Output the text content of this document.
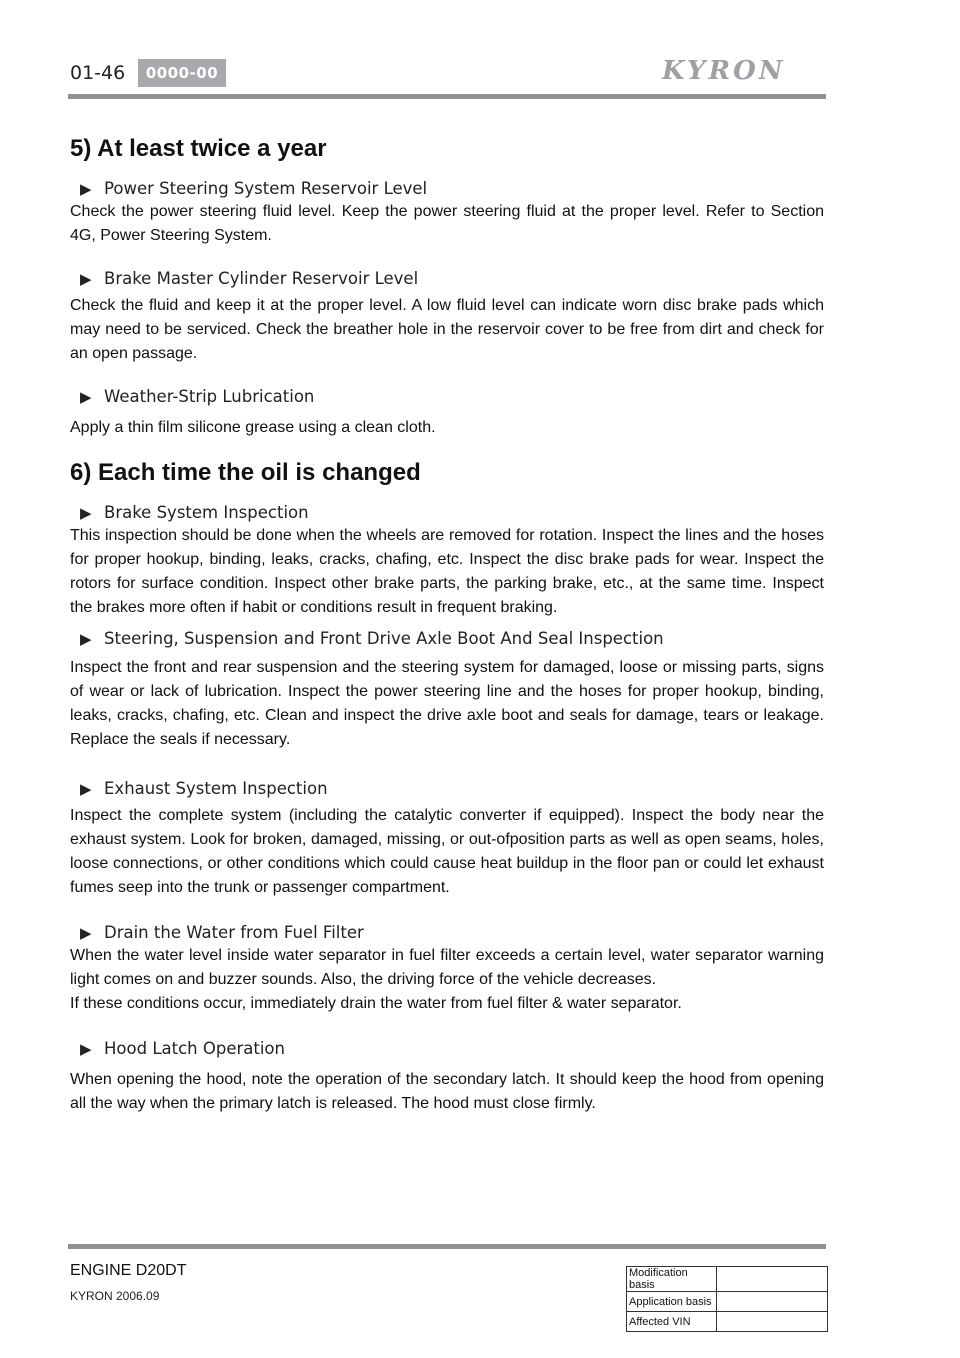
01-46	0000-00	KYRON
5) At least twice a year

▶ Power Steering System Reservoir Level

Check the power steering fluid level. Keep the power steering fluid at the proper level. Refer to Section 4G, Power Steering System.

▶ Brake Master Cylinder Reservoir Level

Check the fluid and keep it at the proper level. A low fluid level can indicate worn disc brake pads which may need to be serviced. Check the breather hole in the reservoir cover to be free from dirt and check for an open passage.

▶ Weather-Strip Lubrication

Apply a thin film silicone grease using a clean cloth.

6) Each time the oil is changed

▶ Brake System Inspection

This inspection should be done when the wheels are removed for rotation. Inspect the lines and the hoses for proper hookup, binding, leaks, cracks, chafing, etc. Inspect the disc brake pads for wear. Inspect the rotors for surface condition. Inspect other brake parts, the parking brake, etc., at the same time. Inspect the brakes more often if habit or conditions result in frequent braking.

▶ Steering, Suspension and Front Drive Axle Boot And Seal Inspection

Inspect the front and rear suspension and the steering system for damaged, loose or missing parts, signs of wear or lack of lubrication. Inspect the power steering line and the hoses for proper hookup, binding, leaks, cracks, chafing, etc. Clean and inspect the drive axle boot and seals for damage, tears or leakage. Replace the seals if necessary.

▶ Exhaust System Inspection

Inspect the complete system (including the catalytic converter if equipped). Inspect the body near the exhaust system. Look for broken, damaged, missing, or out-ofposition parts as well as open seams, holes, loose connections, or other conditions which could cause heat buildup in the floor pan or could let exhaust fumes seep into the trunk or passenger compartment.

▶ Drain the Water from Fuel Filter

When the water level inside water separator in fuel filter exceeds a certain level, water separator warning light comes on and buzzer sounds. Also, the driving force of the vehicle decreases.

If these conditions occur, immediately drain the water from fuel filter & water separator.

▶ Hood Latch Operation

When opening the hood, note the operation of the secondary latch. It should keep the hood from opening all the way when the primary latch is released. The hood must close firmly.

ENGINE D20DT
KYRON 2006.09
Modification basis	
Application basis	
Affected VIN	
